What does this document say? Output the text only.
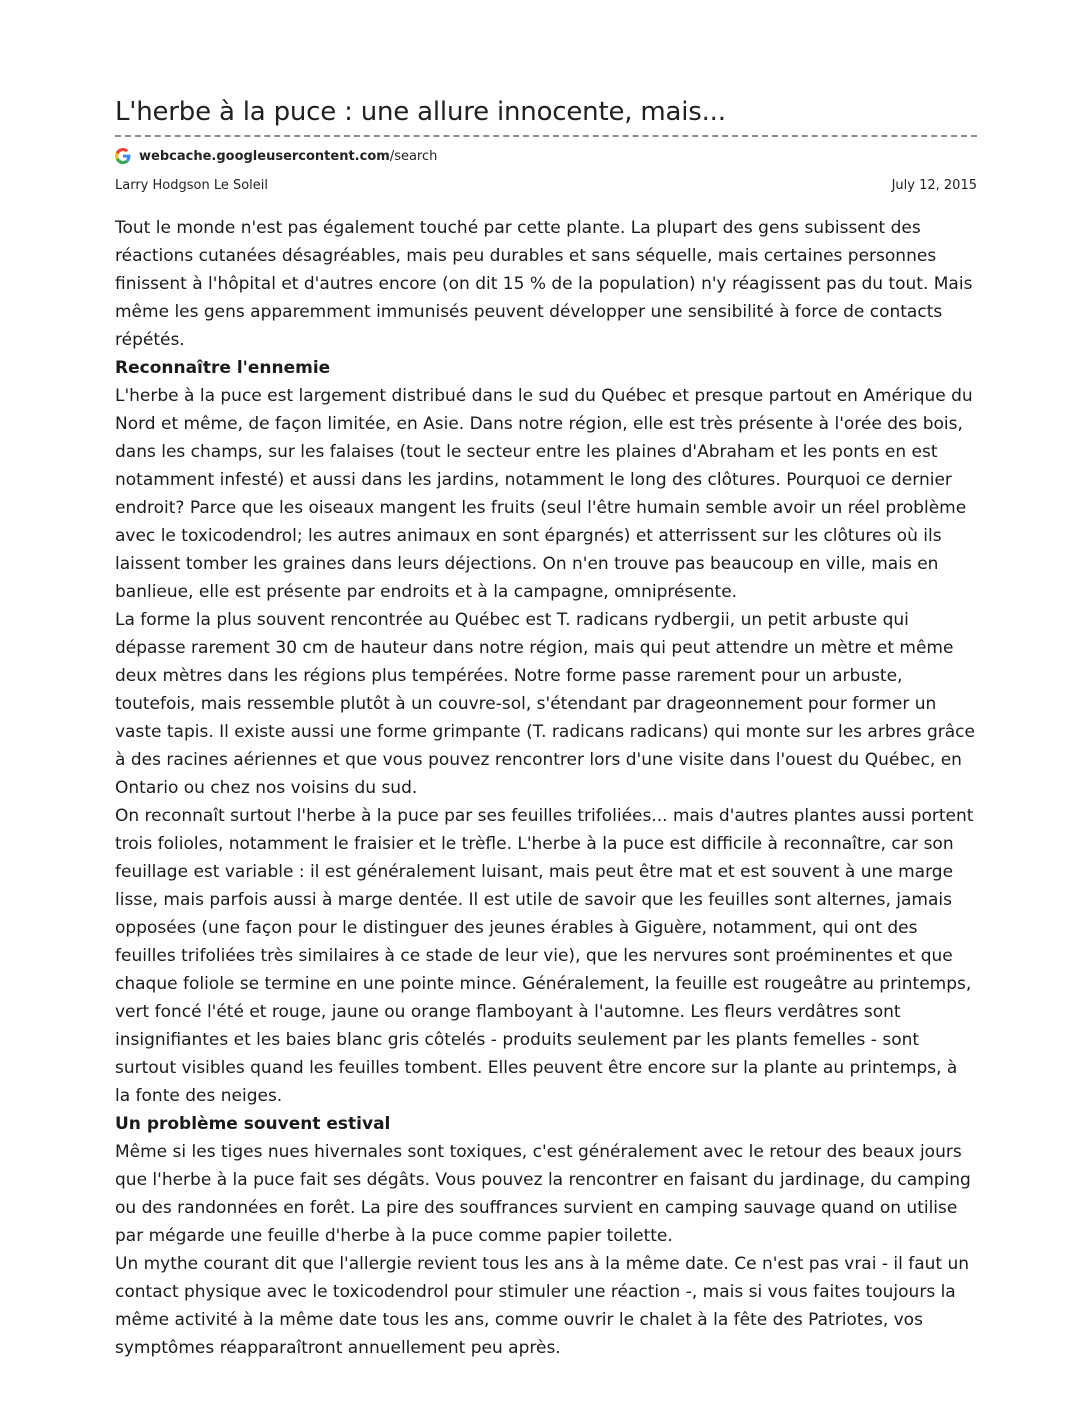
L'herbe à la puce : une allure innocente, mais...
webcache.googleusercontent.com /search
Larry Hodgson Le Soleil	July 12, 2015

Tout le monde n'est pas également touché par cette plante. La plupart des gens subissent des réactions cutanées désagréables, mais peu durables et sans séquelle, mais certaines personnes finissent à l'hôpital et d'autres encore (on dit 15 % de la population) n'y réagissent pas du tout. Mais même les gens apparemment immunisés peuvent développer une sensibilité à force de contacts répétés.

Reconnaître l'ennemie

L'herbe à la puce est largement distribué dans le sud du Québec et presque partout en Amérique du Nord et même, de façon limitée, en Asie. Dans notre région, elle est très présente à l'orée des bois, dans les champs, sur les falaises (tout le secteur entre les plaines d'Abraham et les ponts en est notamment infesté) et aussi dans les jardins, notamment le long des clôtures. Pourquoi ce dernier endroit? Parce que les oiseaux mangent les fruits (seul l'être humain semble avoir un réel problème avec le toxicodendrol; les autres animaux en sont épargnés) et atterrissent sur les clôtures où ils laissent tomber les graines dans leurs déjections. On n'en trouve pas beaucoup en ville, mais en banlieue, elle est présente par endroits et à la campagne, omniprésente.

La forme la plus souvent rencontrée au Québec est T. radicans rydbergii, un petit arbuste qui dépasse rarement 30 cm de hauteur dans notre région, mais qui peut attendre un mètre et même deux mètres dans les régions plus tempérées. Notre forme passe rarement pour un arbuste, toutefois, mais ressemble plutôt à un couvre-sol, s'étendant par drageonnement pour former un vaste tapis. Il existe aussi une forme grimpante (T. radicans radicans) qui monte sur les arbres grâce à des racines aériennes et que vous pouvez rencontrer lors d'une visite dans l'ouest du Québec, en Ontario ou chez nos voisins du sud.

On reconnaît surtout l'herbe à la puce par ses feuilles trifoliées... mais d'autres plantes aussi portent trois folioles, notamment le fraisier et le trèfle. L'herbe à la puce est difficile à reconnaître, car son feuillage est variable : il est généralement luisant, mais peut être mat et est souvent à une marge lisse, mais parfois aussi à marge dentée. Il est utile de savoir que les feuilles sont alternes, jamais opposées (une façon pour le distinguer des jeunes érables à Giguère, notamment, qui ont des feuilles trifoliées très similaires à ce stade de leur vie), que les nervures sont proéminentes et que chaque foliole se termine en une pointe mince. Généralement, la feuille est rougeâtre au printemps, vert foncé l'été et rouge, jaune ou orange flamboyant à l'automne. Les fleurs verdâtres sont insignifiantes et les baies blanc gris côtelés - produits seulement par les plants femelles - sont surtout visibles quand les feuilles tombent. Elles peuvent être encore sur la plante au printemps, à la fonte des neiges.

Un problème souvent estival

Même si les tiges nues hivernales sont toxiques, c'est généralement avec le retour des beaux jours que l'herbe à la puce fait ses dégâts. Vous pouvez la rencontrer en faisant du jardinage, du camping ou des randonnées en forêt. La pire des souffrances survient en camping sauvage quand on utilise par mégarde une feuille d'herbe à la puce comme papier toilette.

Un mythe courant dit que l'allergie revient tous les ans à la même date. Ce n'est pas vrai - il faut un contact physique avec le toxicodendrol pour stimuler une réaction -, mais si vous faites toujours la même activité à la même date tous les ans, comme ouvrir le chalet à la fête des Patriotes, vos symptômes réapparaîtront annuellement peu après.
